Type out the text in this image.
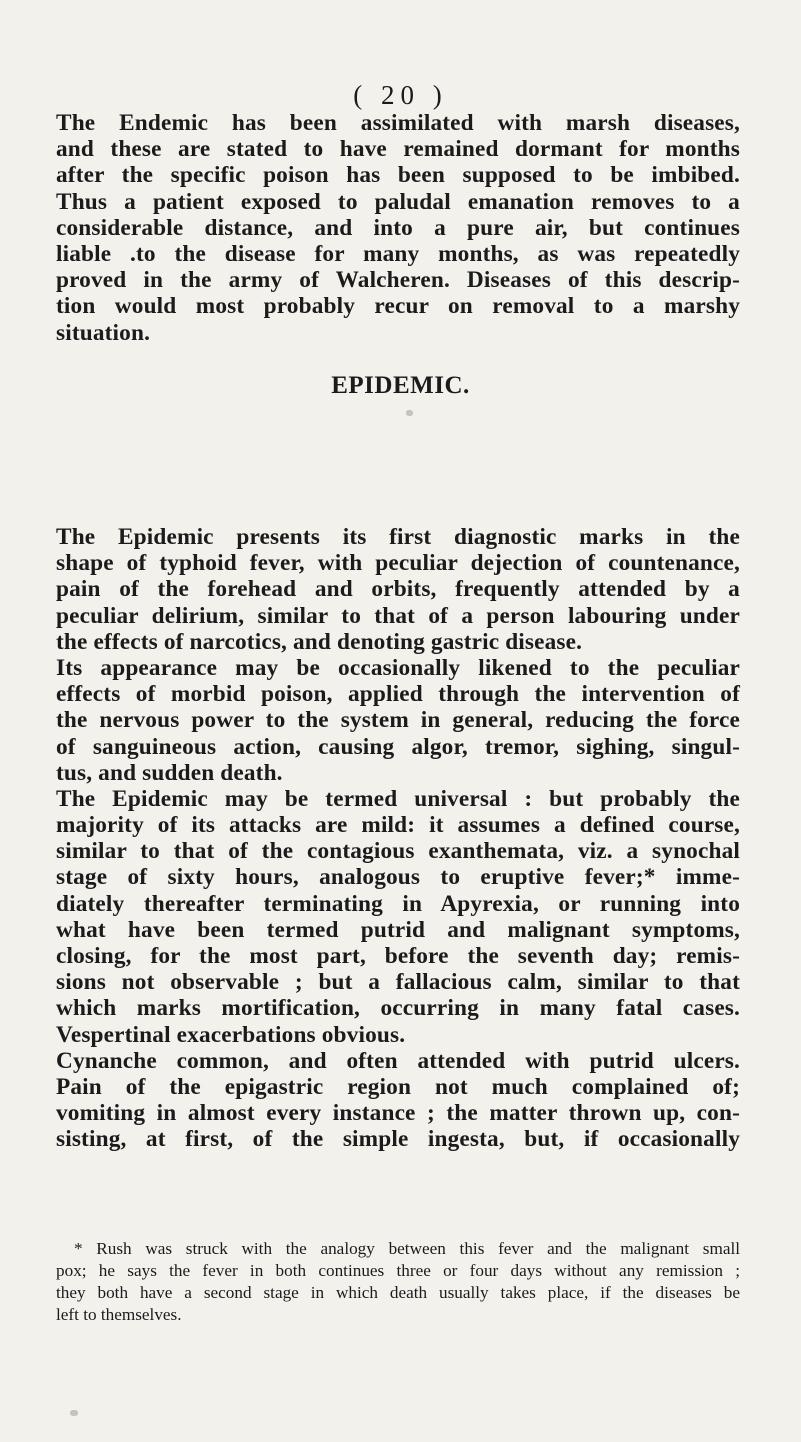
( 20 )
The Endemic has been assimilated with marsh diseases,
and these are stated to have remained dormant for months
after the specific poison has been supposed to be imbibed.
Thus a patient exposed to paludal emanation removes to a
considerable distance, and into a pure air, but continues
liable .to the disease for many months, as was repeatedly
proved in the army of Walcheren. Diseases of this descrip-
tion would most probably recur on removal to a marshy
situation.
EPIDEMIC.
The Epidemic presents its first diagnostic marks in the
shape of typhoid fever, with peculiar dejection of countenance,
pain of the forehead and orbits, frequently attended by a
peculiar delirium, similar to that of a person labouring under
the effects of narcotics, and denoting gastric disease.
Its appearance may be occasionally likened to the peculiar
effects of morbid poison, applied through the intervention of
the nervous power to the system in general, reducing the force
of sanguineous action, causing algor, tremor, sighing, singul-
tus, and sudden death.
The Epidemic may be termed universal : but probably the
majority of its attacks are mild: it assumes a defined course,
similar to that of the contagious exanthemata, viz. a synochal
stage of sixty hours, analogous to eruptive fever;* imme-
diately thereafter terminating in Apyrexia, or running into
what have been termed putrid and malignant symptoms,
closing, for the most part, before the seventh day; remis-
sions not observable ; but a fallacious calm, similar to that
which marks mortification, occurring in many fatal cases.
Vespertinal exacerbations obvious.
Cynanche common, and often attended with putrid ulcers.
Pain of the epigastric region not much complained of;
vomiting in almost every instance ; the matter thrown up, con-
sisting, at first, of the simple ingesta, but, if occasionally
* Rush was struck with the analogy between this fever and the malignant small
pox; he says the fever in both continues three or four days without any remission ;
they both have a second stage in which death usually takes place, if the diseases be
left to themselves.
